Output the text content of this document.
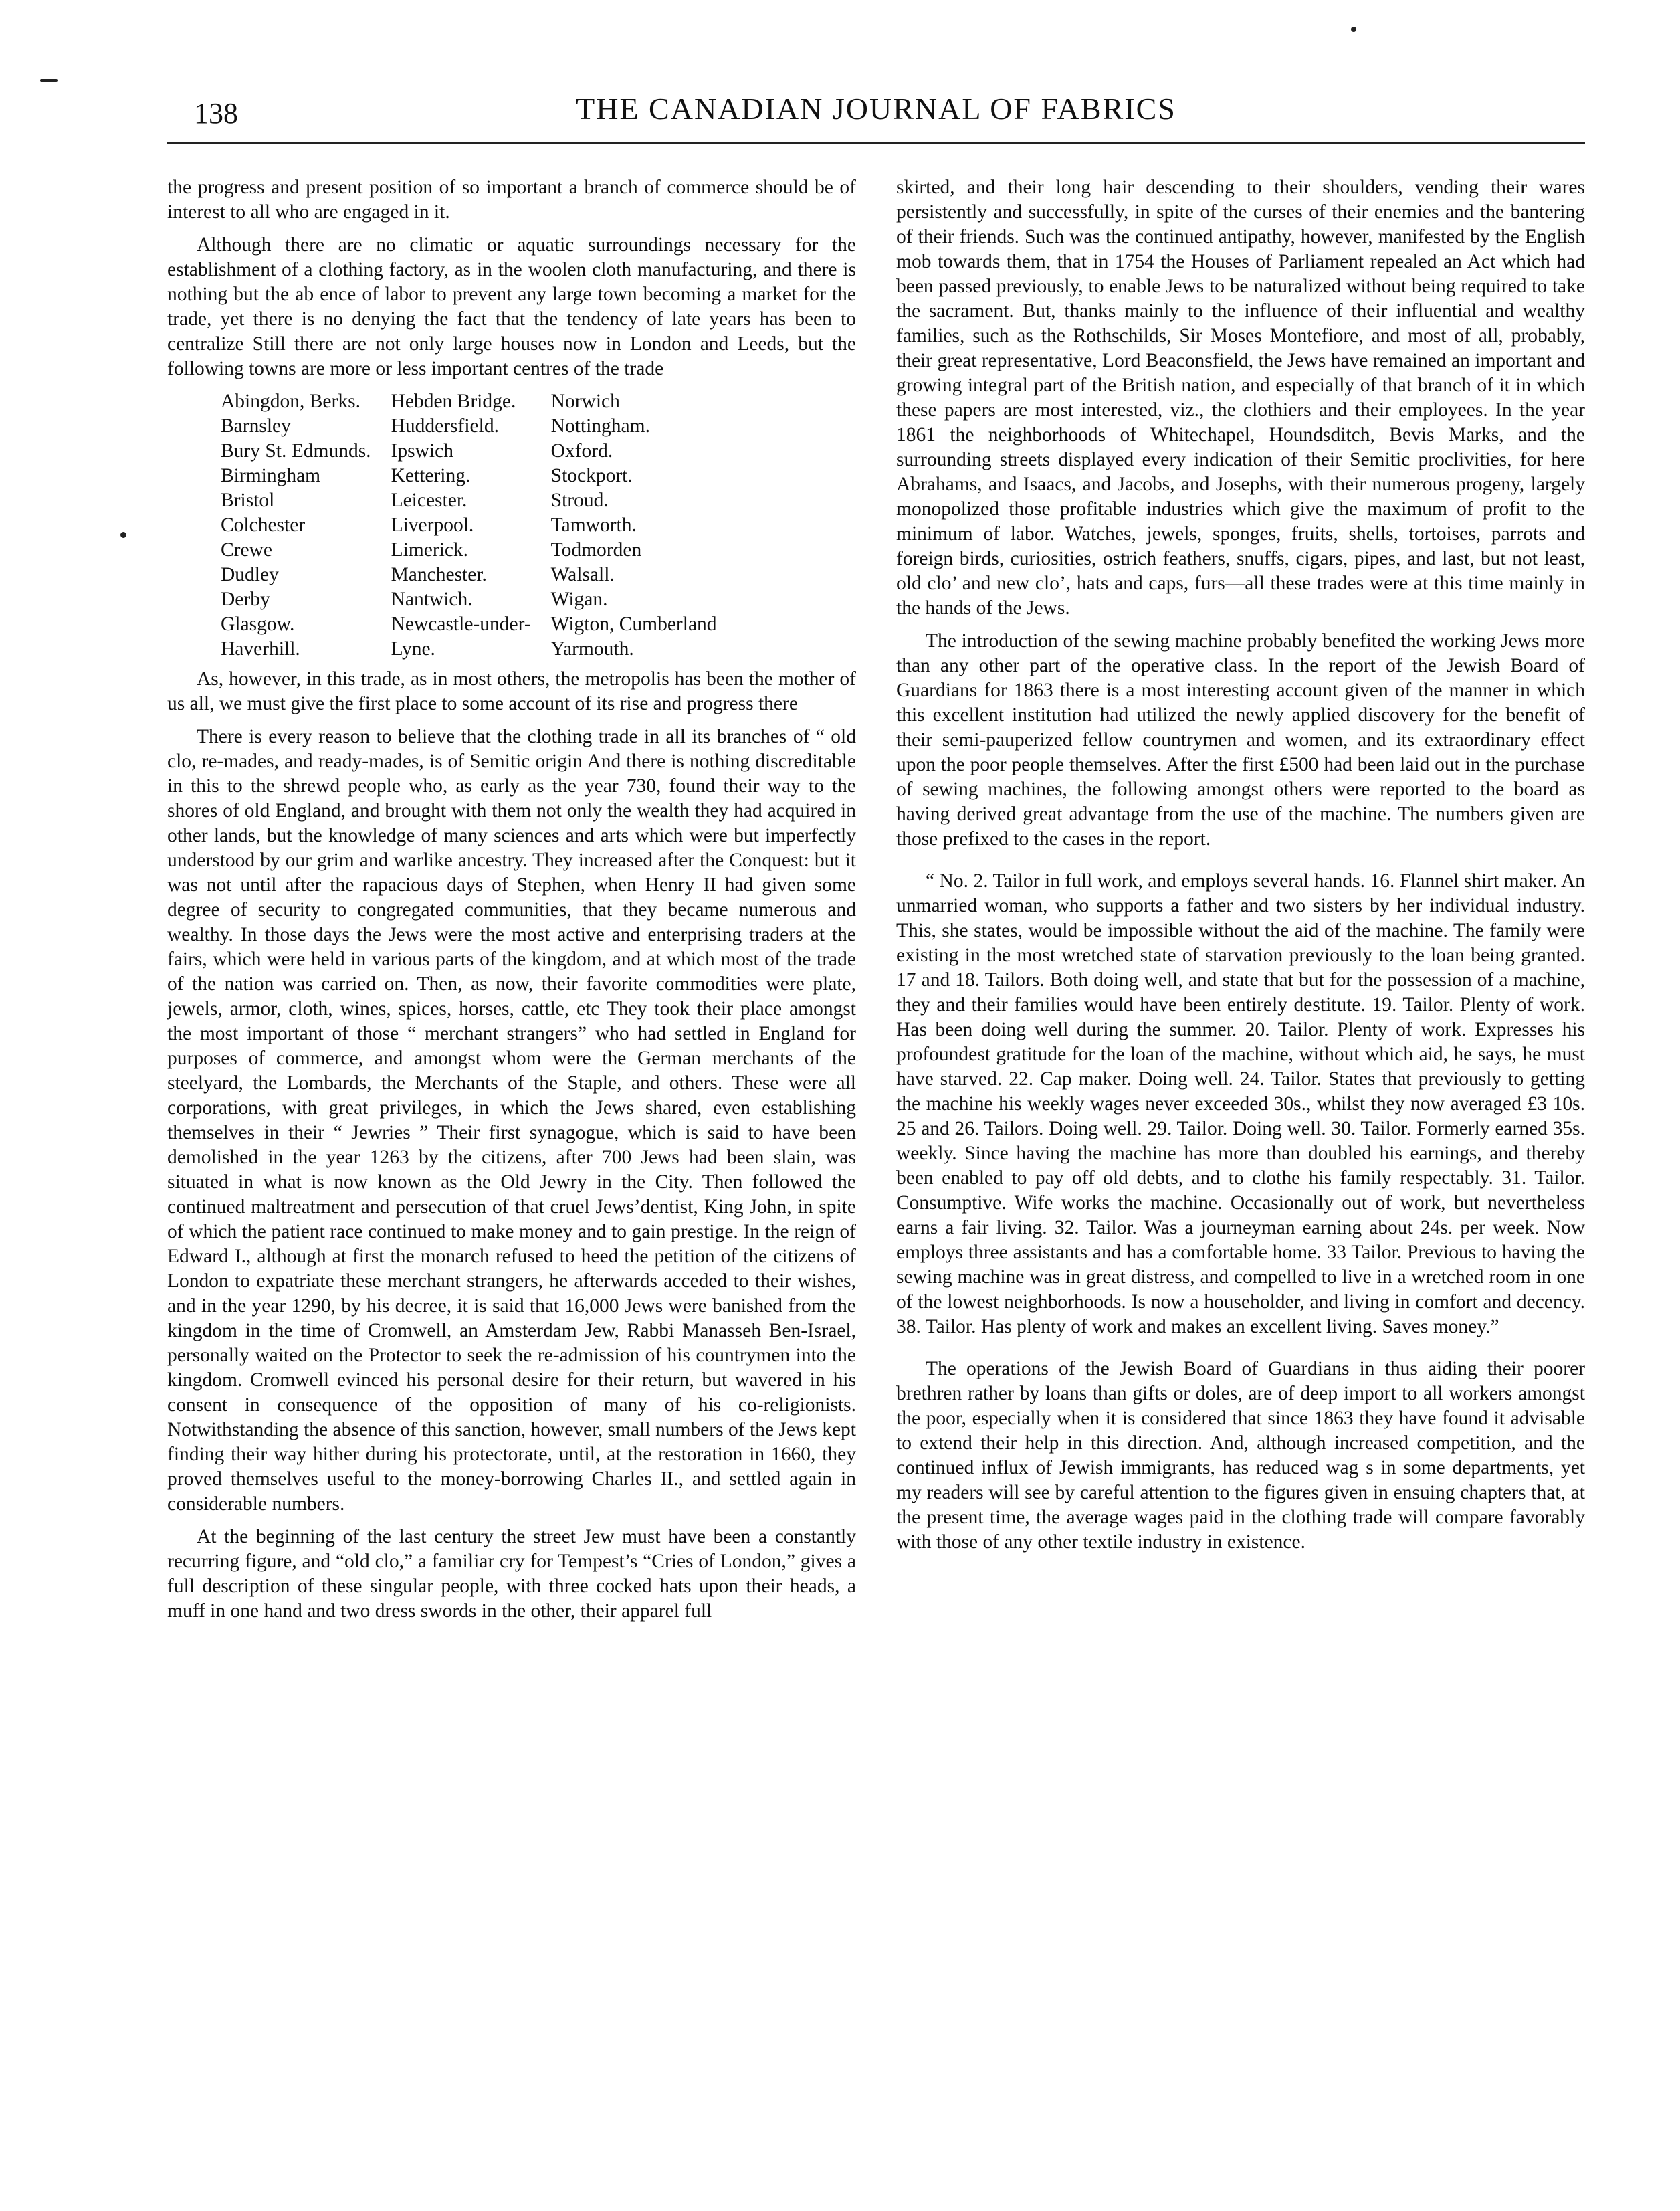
138	THE CANADIAN JOURNAL OF FABRICS

the progress and present position of so important a branch of commerce should be of interest to all who are engaged in it.

Although there are no climatic or aquatic surroundings necessary for the establishment of a clothing factory, as in the woolen cloth manufacturing, and there is nothing but the ab ence of labor to prevent any large town becoming a market for the trade, yet there is no denying the fact that the tendency of late years has been to centralize Still there are not only large houses now in London and Leeds, but the following towns are more or less important centres of the trade

Abingdon, Berks.	Hebden Bridge.	Norwich
Barnsley	Huddersfield.	Nottingham.
Bury St. Edmunds.	Ipswich	Oxford.
Birmingham	Kettering.	Stockport.
Bristol	Leicester.	Stroud.
Colchester	Liverpool.	Tamworth.
Crewe	Limerick.	Todmorden
Dudley	Manchester.	Walsall.
Derby	Nantwich.	Wigan.
Glasgow.	Newcastle-under-	Wigton, Cumberland
Haverhill.	Lyne.	Yarmouth.

As, however, in this trade, as in most others, the metropolis has been the mother of us all, we must give the first place to some account of its rise and progress there

There is every reason to believe that the clothing trade in all its branches of “ old clo, re-mades, and ready-mades, is of Semitic origin And there is nothing discreditable in this to the shrewd people who, as early as the year 730, found their way to the shores of old England, and brought with them not only the wealth they had acquired in other lands, but the knowledge of many sciences and arts which were but imperfectly understood by our grim and warlike ancestry. They increased after the Conquest: but it was not until after the rapacious days of Stephen, when Henry II had given some degree of security to congregated communities, that they became numerous and wealthy. In those days the Jews were the most active and enterprising traders at the fairs, which were held in various parts of the kingdom, and at which most of the trade of the nation was carried on. Then, as now, their favorite commodities were plate, jewels, armor, cloth, wines, spices, horses, cattle, etc They took their place amongst the most important of those “ merchant strangers” who had settled in England for purposes of commerce, and amongst whom were the German merchants of the steelyard, the Lombards, the Merchants of the Staple, and others. These were all corporations, with great privileges, in which the Jews shared, even establishing themselves in their “ Jewries ” Their first synagogue, which is said to have been demolished in the year 1263 by the citizens, after 700 Jews had been slain, was situated in what is now known as the Old Jewry in the City. Then followed the continued maltreatment and persecution of that cruel Jews’dentist, King John, in spite of which the patient race continued to make money and to gain prestige. In the reign of Edward I., although at first the monarch refused to heed the petition of the citizens of London to expatriate these merchant strangers, he afterwards acceded to their wishes, and in the year 1290, by his decree, it is said that 16,000 Jews were banished from the kingdom in the time of Cromwell, an Amsterdam Jew, Rabbi Manasseh Ben-Israel, personally waited on the Protector to seek the re-admission of his countrymen into the kingdom. Cromwell evinced his personal desire for their return, but wavered in his consent in consequence of the opposition of many of his co-religionists. Notwithstanding the absence of this sanction, however, small numbers of the Jews kept finding their way hither during his protectorate, until, at the restoration in 1660, they proved themselves useful to the money-borrowing Charles II., and settled again in considerable numbers.

At the beginning of the last century the street Jew must have been a constantly recurring figure, and “old clo,” a familiar cry for Tempest’s “Cries of London,” gives a full description of these singular people, with three cocked hats upon their heads, a muff in one hand and two dress swords in the other, their apparel full

skirted, and their long hair descending to their shoulders, vending their wares persistently and successfully, in spite of the curses of their enemies and the bantering of their friends. Such was the continued antipathy, however, manifested by the English mob towards them, that in 1754 the Houses of Parliament repealed an Act which had been passed previously, to enable Jews to be naturalized without being required to take the sacrament. But, thanks mainly to the influence of their influential and wealthy families, such as the Rothschilds, Sir Moses Montefiore, and most of all, probably, their great representative, Lord Beaconsfield, the Jews have remained an important and growing integral part of the British nation, and especially of that branch of it in which these papers are most interested, viz., the clothiers and their employees. In the year 1861 the neighborhoods of Whitechapel, Houndsditch, Bevis Marks, and the surrounding streets displayed every indication of their Semitic proclivities, for here Abrahams, and Isaacs, and Jacobs, and Josephs, with their numerous progeny, largely monopolized those profitable industries which give the maximum of profit to the minimum of labor. Watches, jewels, sponges, fruits, shells, tortoises, parrots and foreign birds, curiosities, ostrich feathers, snuffs, cigars, pipes, and last, but not least, old clo’ and new clo’, hats and caps, furs—all these trades were at this time mainly in the hands of the Jews.

The introduction of the sewing machine probably benefited the working Jews more than any other part of the operative class. In the report of the Jewish Board of Guardians for 1863 there is a most interesting account given of the manner in which this excellent institution had utilized the newly applied discovery for the benefit of their semi-pauperized fellow countrymen and women, and its extraordinary effect upon the poor people themselves. After the first £500 had been laid out in the purchase of sewing machines, the following amongst others were reported to the board as having derived great advantage from the use of the machine. The numbers given are those prefixed to the cases in the report.

“ No. 2. Tailor in full work, and employs several hands. 16. Flannel shirt maker. An unmarried woman, who supports a father and two sisters by her individual industry. This, she states, would be impossible without the aid of the machine. The family were existing in the most wretched state of starvation previously to the loan being granted. 17 and 18. Tailors. Both doing well, and state that but for the possession of a machine, they and their families would have been entirely destitute. 19. Tailor. Plenty of work. Has been doing well during the summer. 20. Tailor. Plenty of work. Expresses his profoundest gratitude for the loan of the machine, without which aid, he says, he must have starved. 22. Cap maker. Doing well. 24. Tailor. States that previously to getting the machine his weekly wages never exceeded 30s., whilst they now averaged £3 10s. 25 and 26. Tailors. Doing well. 29. Tailor. Doing well. 30. Tailor. Formerly earned 35s. weekly. Since having the machine has more than doubled his earnings, and thereby been enabled to pay off old debts, and to clothe his family respectably. 31. Tailor. Consumptive. Wife works the machine. Occasionally out of work, but nevertheless earns a fair living. 32. Tailor. Was a journeyman earning about 24s. per week. Now employs three assistants and has a comfortable home. 33 Tailor. Previous to having the sewing machine was in great distress, and compelled to live in a wretched room in one of the lowest neighborhoods. Is now a householder, and living in comfort and decency. 38. Tailor. Has plenty of work and makes an excellent living. Saves money.”

The operations of the Jewish Board of Guardians in thus aiding their poorer brethren rather by loans than gifts or doles, are of deep import to all workers amongst the poor, especially when it is considered that since 1863 they have found it advisable to extend their help in this direction. And, although increased competition, and the continued influx of Jewish immigrants, has reduced wag s in some departments, yet my readers will see by careful attention to the figures given in ensuing chapters that, at the present time, the average wages paid in the clothing trade will compare favorably with those of any other textile industry in existence.
